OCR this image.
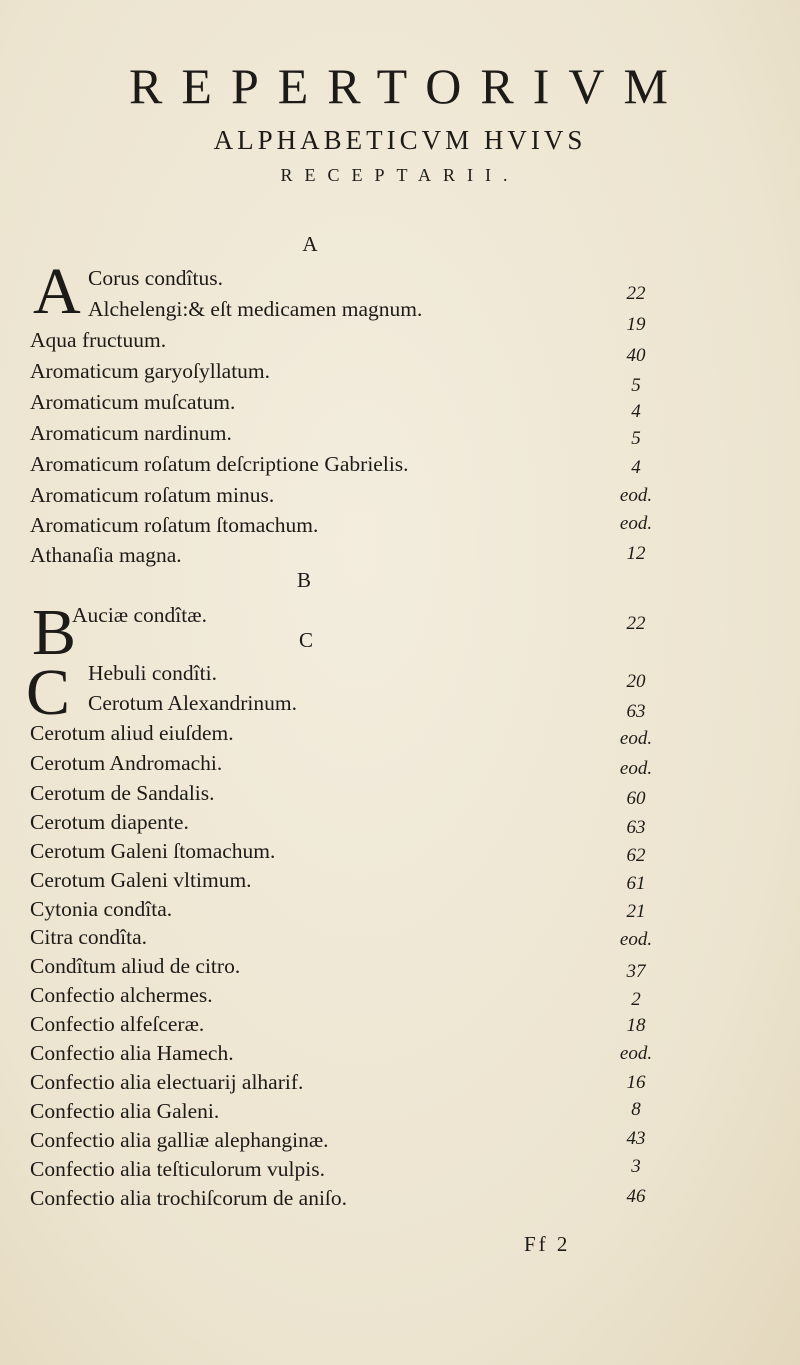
REPERTORIVM
ALPHABETICVM HVIVS
RECEPTARII.
A
B
C
A
B
C
Corus condîtus.
Alchelengi:& eſt medicamen magnum.
Aqua fructuum.
Aromaticum garyoſyllatum.
Aromaticum muſcatum.
Aromaticum nardinum.
Aromaticum roſatum deſcriptione Gabrielis.
Aromaticum roſatum minus.
Aromaticum roſatum ſtomachum.
Athanaſia magna.
22
19
40
5
4
5
4
eod.
eod.
12
Auciæ condîtæ.	22
Hebuli condîti.
Cerotum Alexandrinum.
Cerotum aliud eiuſdem.
Cerotum Andromachi.
Cerotum de Sandalis.
Cerotum diapente.
Cerotum Galeni ſtomachum.
Cerotum Galeni vltimum.
Cytonia condîta.
Citra condîta.
Condîtum aliud de citro.
Confectio alchermes.
Confectio alfeſceræ.
Confectio alia Hamech.
Confectio alia electuarij alharif.
Confectio alia Galeni.
Confectio alia galliæ alephanginæ.
Confectio alia teſticulorum vulpis.
Confectio alia trochiſcorum de aniſo.
20
63
eod.
eod.
60
63
62
61
21
eod.
37
2
18
eod.
16
8
43
3
46
Ff 2
